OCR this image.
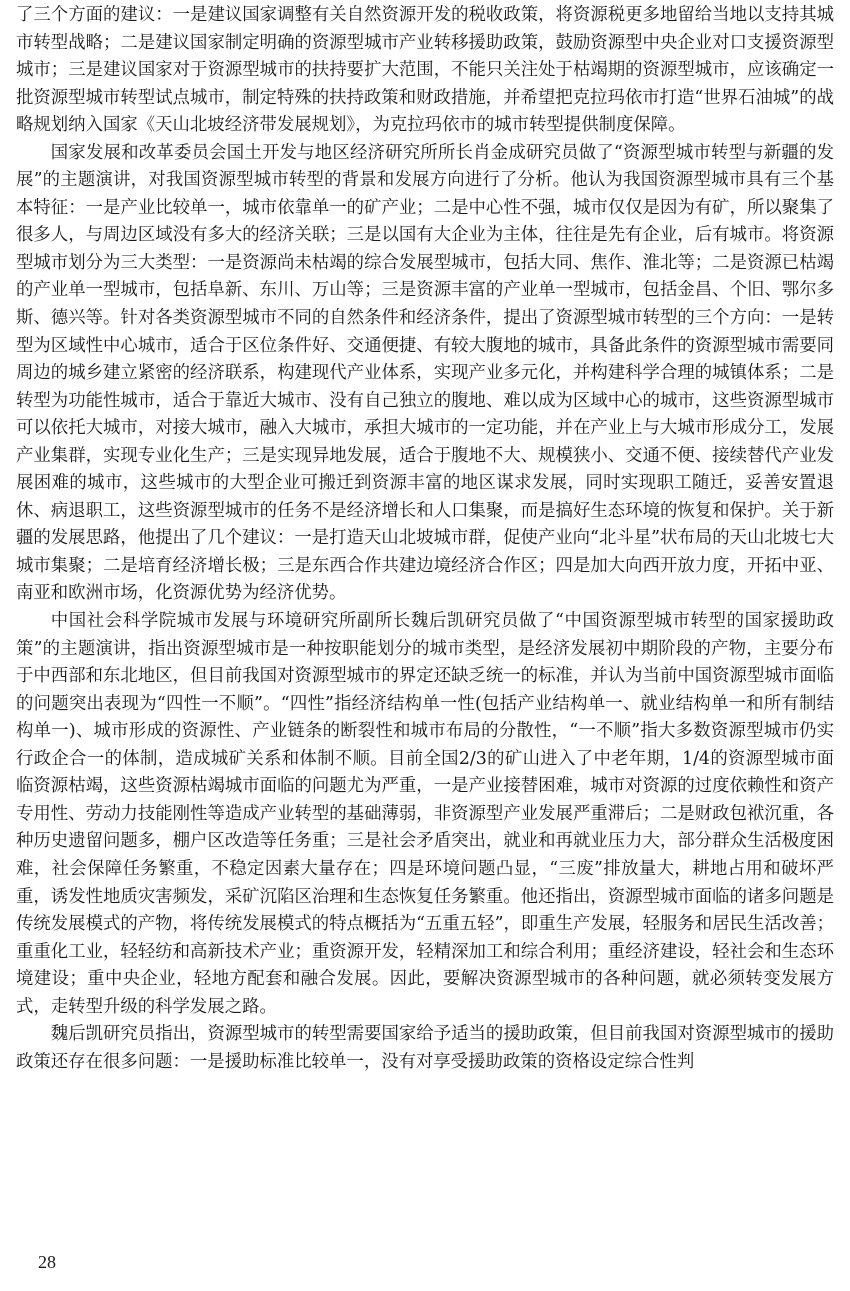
了三个方面的建议：一是建议国家调整有关自然资源开发的税收政策，将资源税更多地留给当地以支持其城市转型战略；二是建议国家制定明确的资源型城市产业转移援助政策，鼓励资源型中央企业对口支援资源型城市；三是建议国家对于资源型城市的扶持要扩大范围，不能只关注处于枯竭期的资源型城市，应该确定一批资源型城市转型试点城市，制定特殊的扶持政策和财政措施，并希望把克拉玛依市打造“世界石油城”的战略规划纳入国家《天山北坡经济带发展规划》，为克拉玛依市的城市转型提供制度保障。

国家发展和改革委员会国土开发与地区经济研究所所长肖金成研究员做了“资源型城市转型与新疆的发展”的主题演讲，对我国资源型城市转型的背景和发展方向进行了分析。他认为我国资源型城市具有三个基本特征：一是产业比较单一，城市依靠单一的矿产业；二是中心性不强，城市仅仅是因为有矿，所以聚集了很多人，与周边区域没有多大的经济关联；三是以国有大企业为主体，往往是先有企业，后有城市。将资源型城市划分为三大类型：一是资源尚未枯竭的综合发展型城市，包括大同、焦作、淮北等；二是资源已枯竭的产业单一型城市，包括阜新、东川、万山等；三是资源丰富的产业单一型城市，包括金昌、个旧、鄂尔多斯、德兴等。针对各类资源型城市不同的自然条件和经济条件，提出了资源型城市转型的三个方向：一是转型为区域性中心城市，适合于区位条件好、交通便捷、有较大腹地的城市，具备此条件的资源型城市需要同周边的城乡建立紧密的经济联系，构建现代产业体系，实现产业多元化，并构建科学合理的城镇体系；二是转型为功能性城市，适合于靠近大城市、没有自己独立的腹地、难以成为区域中心的城市，这些资源型城市可以依托大城市，对接大城市，融入大城市，承担大城市的一定功能，并在产业上与大城市形成分工，发展产业集群，实现专业化生产；三是实现异地发展，适合于腹地不大、规模狭小、交通不便、接续替代产业发展困难的城市，这些城市的大型企业可搬迁到资源丰富的地区谋求发展，同时实现职工随迁，妥善安置退休、病退职工，这些资源型城市的任务不是经济增长和人口集聚，而是搞好生态环境的恢复和保护。关于新疆的发展思路，他提出了几个建议：一是打造天山北坡城市群，促使产业向“北斗星”状布局的天山北坡七大城市集聚；二是培育经济增长极；三是东西合作共建边境经济合作区；四是加大向西开放力度，开拓中亚、南亚和欧洲市场，化资源优势为经济优势。

中国社会科学院城市发展与环境研究所副所长魏后凯研究员做了“中国资源型城市转型的国家援助政策”的主题演讲，指出资源型城市是一种按职能划分的城市类型，是经济发展初中期阶段的产物，主要分布于中西部和东北地区，但目前我国对资源型城市的界定还缺乏统一的标准，并认为当前中国资源型城市面临的问题突出表现为“四性一不顺”。“四性”指经济结构单一性(包括产业结构单一、就业结构单一和所有制结构单一)、城市形成的资源性、产业链条的断裂性和城市布局的分散性，“一不顺”指大多数资源型城市仍实行政企合一的体制，造成城矿关系和体制不顺。目前全国2/3的矿山进入了中老年期，1/4的资源型城市面临资源枯竭，这些资源枯竭城市面临的问题尤为严重，一是产业接替困难，城市对资源的过度依赖性和资产专用性、劳动力技能刚性等造成产业转型的基础薄弱，非资源型产业发展严重滞后；二是财政包袱沉重，各种历史遗留问题多，棚户区改造等任务重；三是社会矛盾突出，就业和再就业压力大，部分群众生活极度困难，社会保障任务繁重，不稳定因素大量存在；四是环境问题凸显，“三废”排放量大，耕地占用和破坏严重，诱发性地质灾害频发，采矿沉陷区治理和生态恢复任务繁重。他还指出，资源型城市面临的诸多问题是传统发展模式的产物，将传统发展模式的特点概括为“五重五轻”，即重生产发展，轻服务和居民生活改善；重重化工业，轻轻纺和高新技术产业；重资源开发，轻精深加工和综合利用；重经济建设，轻社会和生态环境建设；重中央企业，轻地方配套和融合发展。因此，要解决资源型城市的各种问题，就必须转变发展方式，走转型升级的科学发展之路。

魏后凯研究员指出，资源型城市的转型需要国家给予适当的援助政策，但目前我国对资源型城市的援助政策还存在很多问题：一是援助标准比较单一，没有对享受援助政策的资格设定综合性判

28
